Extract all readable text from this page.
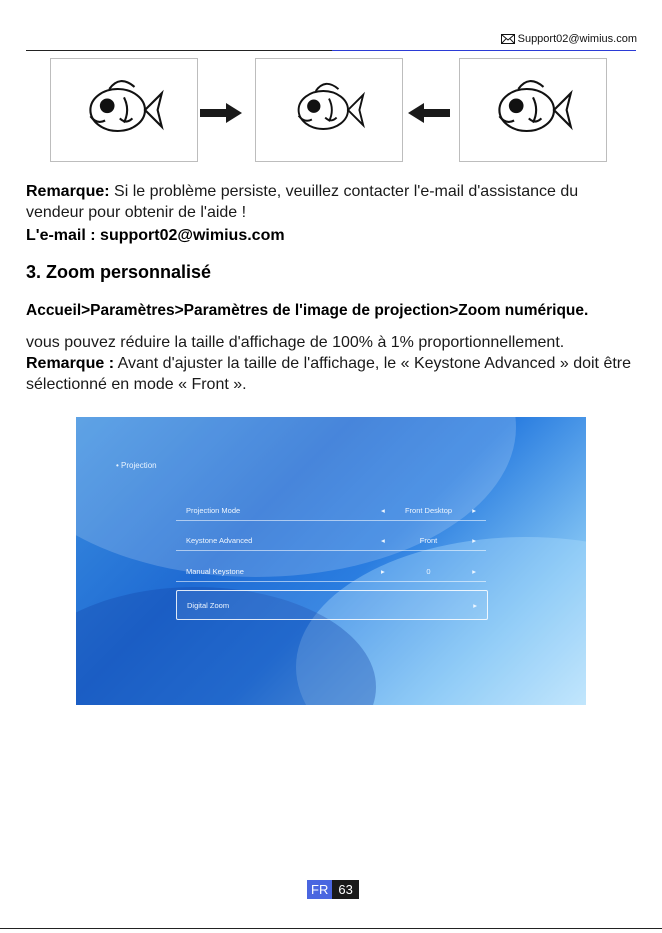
Support02@wimius.com
Remarque: Si le problème persiste, veuillez contacter l'e-mail d'assistance du vendeur pour obtenir de l'aide !
L'e-mail : support02@wimius.com
3. Zoom personnalisé
Accueil>Paramètres>Paramètres de l'image de projection>Zoom numérique.
vous pouvez réduire la taille d'affichage de 100% à 1% proportionnellement.
Remarque : Avant d'ajuster la taille de l'affichage, le « Keystone Advanced » doit être sélectionné en mode « Front ».
• Projection
Projection Mode	◂	Front Desktop	▸
Keystone Advanced	◂	Front	▸
Manual Keystone	▸	0	▸
Digital Zoom	▸
FR 63
